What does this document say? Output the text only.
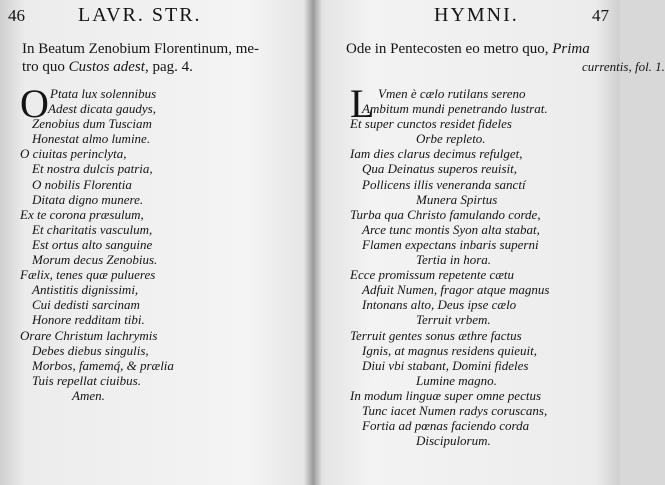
46	LAVR. STR.
In Beatum Zenobium Florentinum, me-
tro quo Custos adest, pag. 4.
O Ptata lux solennibus
Adest dicata gaudys,
Zenobius dum Tusciam
Honestat almo lumine.
O ciuitas perinclyta,
Et nostra dulcis patria,
O nobilis Florentia
Ditata digno munere.
Ex te corona præsulum,
Et charitatis vasculum,
Est ortus alto sanguine
Morum decus Zenobius.
Fælix, tenes quæ pulueres
Antistitis dignissimi,
Cui dedisti sarcinam
Honore redditam tibi.
Orare Christum lachrymis
Debes diebus singulis,
Morbos, famemq́, & prælia
Tuis repellat ciuibus.
Amen.
HYMNI.	47
Ode in Pentecosten eo metro quo, Prima
currentis, fol. 1.
L Vmen è cælo rutilans sereno
Ambitum mundi penetrando lustrat.
Et super cunctos residet fideles
Orbe repleto.
Iam dies clarus decimus refulget,
Qua Deinatus superos reuisit,
Pollicens illis veneranda sanctí
Munera Spirtus
Turba qua Christo famulando corde,
Arce tunc montis Syon alta stabat,
Flamen expectans inbaris superni
Tertia in hora.
Ecce promissum repetente cætu
Adfuit Numen, fragor atque magnus
Intonans alto, Deus ipse cælo
Terruit vrbem.
Terruit gentes sonus æthre factus
Ignis, at magnus residens quieuit,
Diui vbi stabant, Domini fideles
Lumine magno.
In modum linguæ super omne pectus
Tunc iacet Numen radys coruscans,
Fortia ad pœnas faciendo corda
Discipulorum.
